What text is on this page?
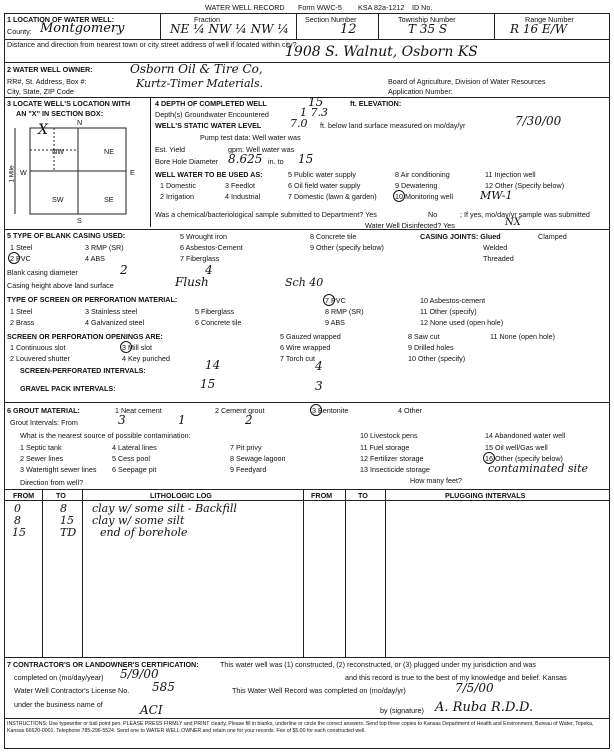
WATER WELL RECORD Form WWC-5 KSA 82a-1212 ID No.
1 LOCATION OF WATER WELL:
County: Montgomery
Fraction
NE ¼ NW ¼ NW ¼
Section Number
12
Township Number
T 35 S
Range Number
R 16 E/W
Distance and direction from nearest town or city street address of well if located within city?
1908 S. Walnut, Osborn KS
2 WATER WELL OWNER:	Osborn Oil & Tire Co,
Kurtz-Timer Materials.
RR#, St. Address, Box #:
City, State, ZIP Code
Board of Agriculture, Division of Water Resources
Application Number:
3 LOCATE WELL'S LOCATION WITH
AN "X" IN SECTION BOX:
N
S
E
W
NW	NE
SW	SE
1 Mile
X
4 DEPTH OF COMPLETED WELL	15	ft. ELEVATION:
Depth(s) Groundwater Encountered	1 7.3
WELL'S STATIC WATER LEVEL	7.0 ft. below land surface measured on mo/day/yr	7/30/00
Pump test data: Well water was
Est. Yield	gpm: Well water was
Bore Hole Diameter 8.625 in. to 15
WELL WATER TO BE USED AS:
1 Domestic
2 Irrigation
3 Feedlot
4 Industrial
5 Public water supply
6 Oil field water supply
7 Domestic (lawn & garden)
8 Air conditioning
9 Dewatering
10 Monitoring well MW-1
11 Injection well
12 Other (Specify below)
Was a chemical/bacteriological sample submitted to Department? Yes	No	; If yes, mo/day/yr sample was submitted
Water Well Disinfected? Yes	NX
5 TYPE OF BLANK CASING USED:
1 Steel
2 PVC
3 RMP (SR)
4 ABS
5 Wrought iron
6 Asbestos-Cement
7 Fiberglass
8 Concrete tile
9 Other (specify below)
CASING JOINTS: Glued	Clamped
Welded
Threaded
Blank casing diameter	2	4
Casing height above land surface	Flush	Sch 40
TYPE OF SCREEN OR PERFORATION MATERIAL:
1 Steel
2 Brass
3 Stainless steel
4 Galvanized steel
5 Fiberglass
6 Concrete tile
7 PVC
8 RMP (SR)
9 ABS
10 Asbestos-cement
11 Other (specify)
12 None used (open hole)
SCREEN OR PERFORATION OPENINGS ARE:
1 Continuous slot
2 Louvered shutter
3 Mill slot
4 Key punched
5 Gauzed wrapped
6 Wire wrapped
7 Torch cut
8 Saw cut
9 Drilled holes
10 Other (specify)
11 None (open hole)
SCREEN-PERFORATED INTERVALS:	14	4
GRAVEL PACK INTERVALS:	15	3
6 GROUT MATERIAL:	1 Neat cement	2 Cement grout	3 Bentonite	4 Other
Grout Intervals: From	3	1	2
What is the nearest source of possible contamination:
1 Septic tank
2 Sewer lines
3 Watertight sewer lines
4 Lateral lines
5 Cess pool
6 Seepage pit
7 Pit privy
8 Sewage lagoon
9 Feedyard
10 Livestock pens
11 Fuel storage
12 Fertilizer storage
13 Insecticide storage
14 Abandoned water well
15 Oil well/Gas well
16 Other (specify below)
contaminated site
Direction from well?	How many feet?
FROM	TO	LITHOLOGIC LOG	FROM	TO	PLUGGING INTERVALS
0	8 clay w/ some silt - Backfill
8	15 clay w/ some silt
15	TD end of borehole
7 CONTRACTOR'S OR LANDOWNER'S CERTIFICATION:	This water well was (1) constructed, (2) reconstructed, or (3) plugged under my jurisdiction and was
completed on (mo/day/year) 5/9/00	and this record is true to the best of my knowledge and belief. Kansas
Water Well Contractor's License No. 585	This Water Well Record was completed on (mo/day/yr)	7/5/00
under the business name of	ACI	by (signature) A. Ruba R.D.D.
INSTRUCTIONS: Use typewriter or ball point pen. PLEASE PRESS FIRMLY and PRINT clearly. Please fill in blanks, underline or circle the correct answers. Send top three copies to Kansas Department of Health and Environment, Bureau of Water, Topeka, Kansas 66620-0001. Telephone 785-296-5524. Send one to WATER WELL OWNER and retain one for your records. Fee of $5.00 for each constructed well.
